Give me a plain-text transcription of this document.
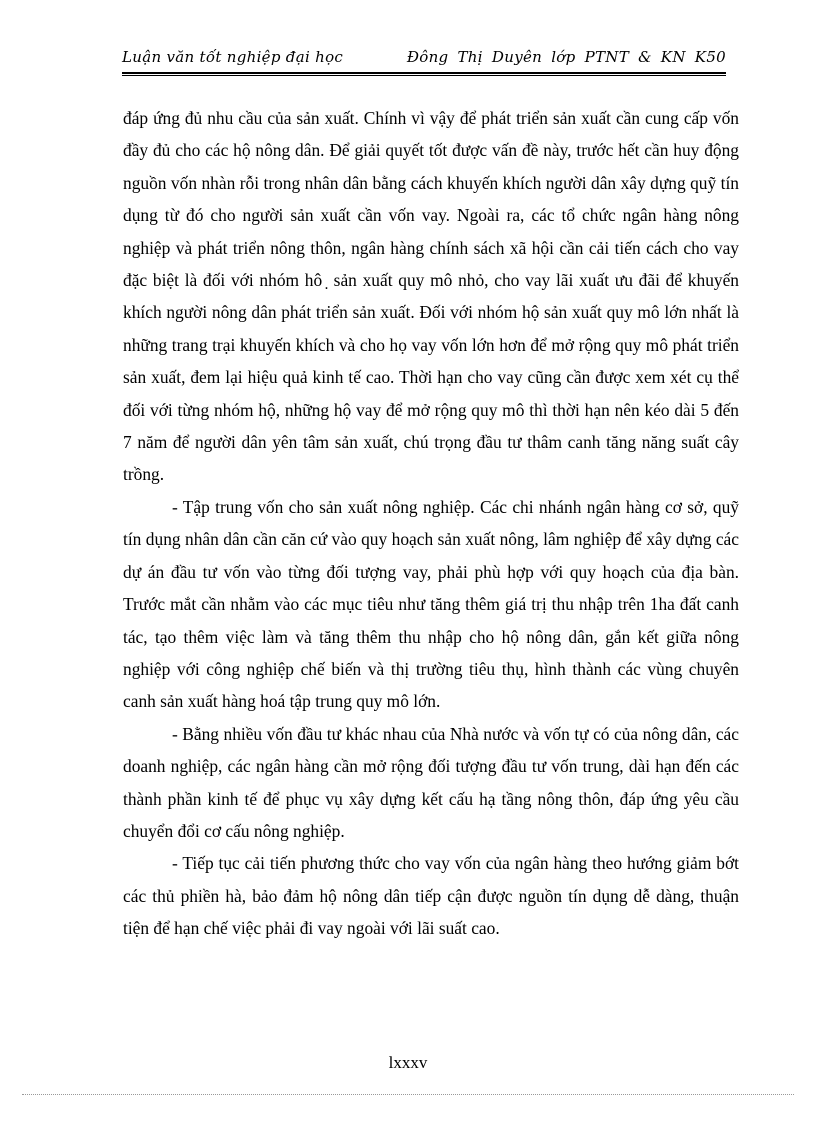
Luận văn tốt nghiệp đại học	Đông Thị Duyên lớp PTNT & KN K50

đáp ứng đủ nhu cầu của sản xuất. Chính vì vậy để phát triển sản xuất cần cung cấp vốn đầy đủ cho các hộ nông dân. Để giải quyết tốt được vấn đề này, trước hết cần huy động nguồn vốn nhàn rỗi trong nhân dân bằng cách khuyến khích người dân xây dựng quỹ tín dụng từ đó cho người sản xuất cần vốn vay. Ngoài ra, các tổ chức ngân hàng nông nghiệp và phát triển nông thôn, ngân hàng chính sách xã hội cần cải tiến cách cho vay đặc biệt là đối với nhóm hô ̣ sản xuất quy mô nhỏ, cho vay lãi xuất ưu đãi để khuyến khích người nông dân phát triển sản xuất. Đối với nhóm hộ sản xuất quy mô lớn nhất là những trang trại khuyến khích và cho họ vay vốn lớn hơn để mở rộng quy mô phát triển sản xuất, đem lại hiệu quả kinh tế cao. Thời hạn cho vay cũng cần được xem xét cụ thể đối với từng nhóm hộ, những hộ vay để mở rộng quy mô thì thời hạn nên kéo dài 5 đến 7 năm để người dân yên tâm sản xuất, chú trọng đầu tư thâm canh tăng năng suất cây trồng.

- Tập trung vốn cho sản xuất nông nghiệp. Các chi nhánh ngân hàng cơ sở, quỹ tín dụng nhân dân cần căn cứ vào quy hoạch sản xuất nông, lâm nghiệp để xây dựng các dự án đầu tư vốn vào từng đối tượng vay, phải phù hợp với quy hoạch của địa bàn. Trước mắt cần nhằm vào các mục tiêu như tăng thêm giá trị thu nhập trên 1ha đất canh tác, tạo thêm việc làm và tăng thêm thu nhập cho hộ nông dân, gắn kết giữa nông nghiệp với công nghiệp chế biến và thị trường tiêu thụ, hình thành các vùng chuyên canh sản xuất hàng hoá tập trung quy mô lớn.

- Bằng nhiều vốn đầu tư khác nhau của Nhà nước và vốn tự có của nông dân, các doanh nghiệp, các ngân hàng cần mở rộng đối tượng đầu tư vốn trung, dài hạn đến các thành phần kinh tế để phục vụ xây dựng kết cấu hạ tầng nông thôn, đáp ứng yêu cầu chuyển đổi cơ cấu nông nghiệp.

- Tiếp tục cải tiến phương thức cho vay vốn của ngân hàng theo hướng giảm bớt các thủ phiền hà, bảo đảm hộ nông dân tiếp cận được nguồn tín dụng dễ dàng, thuận tiện để hạn chế việc phải đi vay ngoài với lãi suất cao.

lxxxv
